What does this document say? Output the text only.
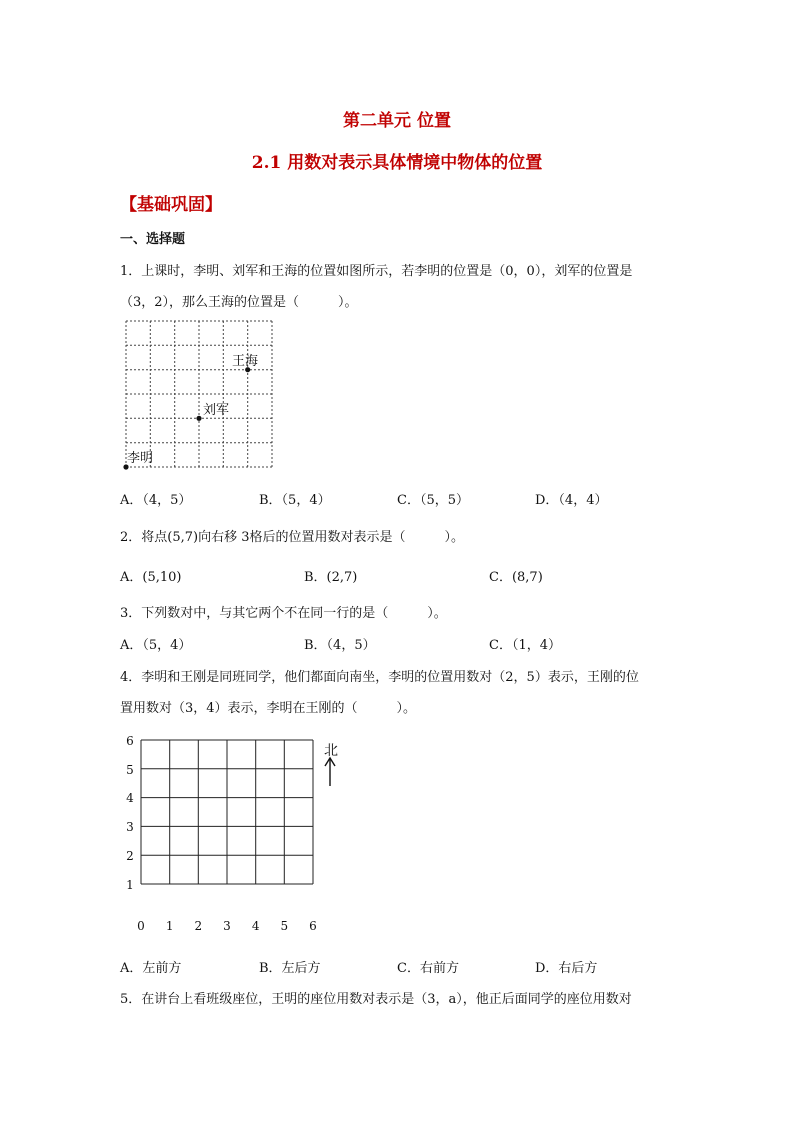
第二单元 位置
2.1 用数对表示具体情境中物体的位置
【基础巩固】
一、选择题
1．上课时，李明、刘军和王海的位置如图所示，若李明的位置是（0，0），刘军的位置是
（3，2），那么王海的位置是（　　　）。
王海
刘军
李明
A．（4，5）	B．（5，4）	C．（5，5）	D．（4，4）
2．将点(5,7)向右移 3格后的位置用数对表示是（　　　）。
A．(5,10)	B．(2,7)	C．(8,7)
3．下列数对中，与其它两个不在同一行的是（　　　）。
A．（5，4）	B．（4，5）	C．（1，4）
4．李明和王刚是同班同学，他们都面向南坐，李明的位置用数对（2，5）表示，王刚的位
置用数对（3，4）表示，李明在王刚的（　　　）。
0 1 2 3 4 5 6
1
2
3
4
5
6
北
A．左前方	B．左后方	C．右前方	D．右后方
5．在讲台上看班级座位，王明的座位用数对表示是（3，a），他正后面同学的座位用数对
